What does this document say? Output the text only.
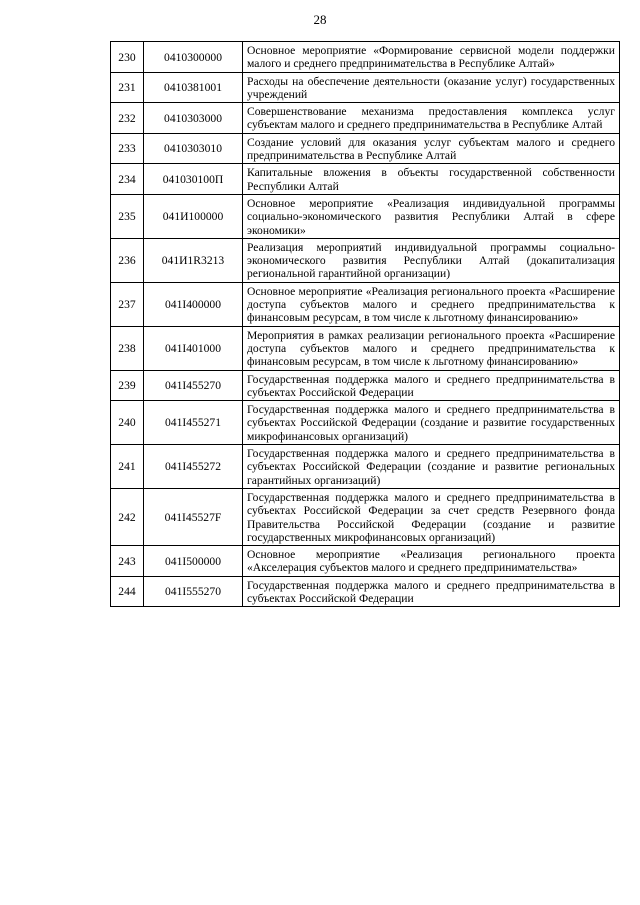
28
230	0410300000	Основное мероприятие «Формирование сервисной модели поддержки малого и среднего предпринимательства в Республике Алтай»
231	0410381001	Расходы на обеспечение деятельности (оказание услуг) государственных учреждений
232	0410303000	Совершенствование механизма предоставления комплекса услуг субъектам малого и среднего предпринимательства в Республике Алтай
233	0410303010	Создание условий для оказания услуг субъектам малого и среднего предпринимательства в Республике Алтай
234	041030100П	Капитальные вложения в объекты государственной собственности Республики Алтай
235	041И100000	Основное мероприятие «Реализация индивидуальной программы социально-экономического развития Республики Алтай в сфере экономики»
236	041И1R3213	Реализация мероприятий индивидуальной программы социально-экономического развития Республики Алтай (докапитализация региональной гарантийной организации)
237	041I400000	Основное мероприятие «Реализация регионального проекта «Расширение доступа субъектов малого и среднего предпринимательства к финансовым ресурсам, в том числе к льготному финансированию»
238	041I401000	Мероприятия в рамках реализации регионального проекта «Расширение доступа субъектов малого и среднего предпринимательства к финансовым ресурсам, в том числе к льготному финансированию»
239	041I455270	Государственная поддержка малого и среднего предпринимательства в субъектах Российской Федерации
240	041I455271	Государственная поддержка малого и среднего предпринимательства в субъектах Российской Федерации (создание и развитие государственных микрофинансовых организаций)
241	041I455272	Государственная поддержка малого и среднего предпринимательства в субъектах Российской Федерации (создание и развитие региональных гарантийных организаций)
242	041I45527F	Государственная поддержка малого и среднего предпринимательства в субъектах Российской Федерации за счет средств Резервного фонда Правительства Российской Федерации (создание и развитие государственных микрофинансовых организаций)
243	041I500000	Основное мероприятие «Реализация регионального проекта «Акселерация субъектов малого и среднего предпринимательства»
244	041I555270	Государственная поддержка малого и среднего предпринимательства в субъектах Российской Федерации
